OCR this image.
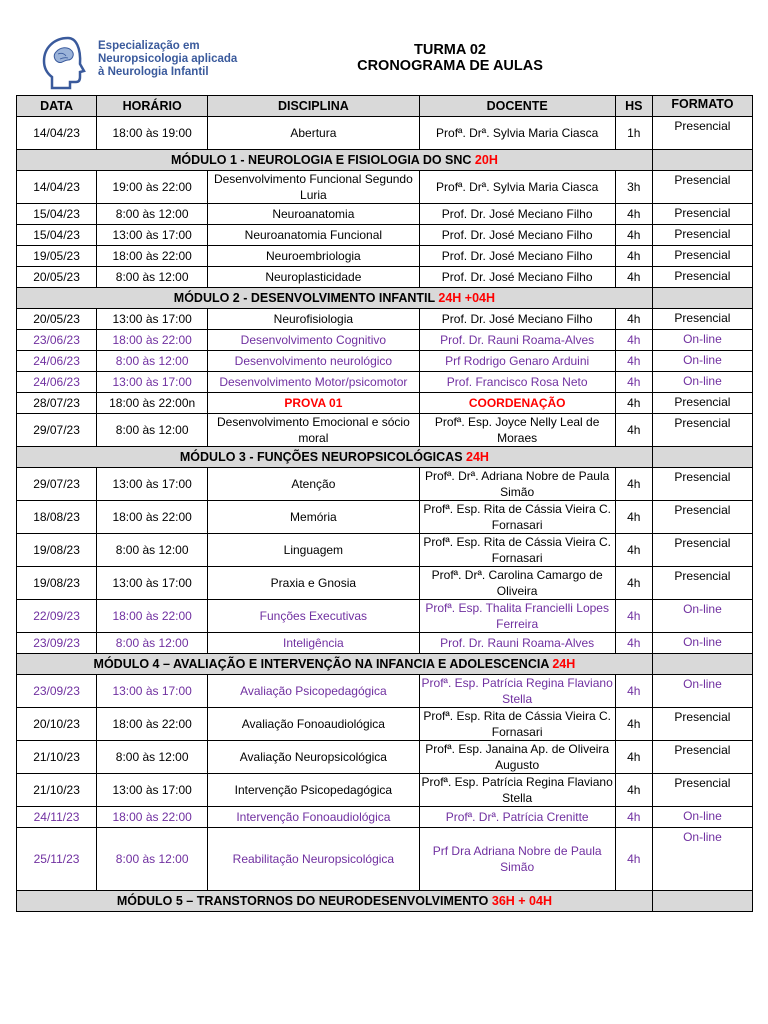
Especialização em
Neuropsicologia aplicada
à Neurologia Infantil
TURMA 02
CRONOGRAMA DE AULAS
DATA	HORÁRIO	DISCIPLINA	DOCENTE	HS	FORMATO
14/04/23	18:00 às 19:00	Abertura	Profª. Drª. Sylvia Maria Ciasca	1h	Presencial
MÓDULO 1 - NEUROLOGIA E FISIOLOGIA DO SNC 20H					
14/04/23	19:00 às 22:00	Desenvolvimento Funcional Segundo Luria	Profª. Drª. Sylvia Maria Ciasca	3h	Presencial
15/04/23	8:00 às 12:00	Neuroanatomia	Prof. Dr. José Meciano Filho	4h	Presencial
15/04/23	13:00 às 17:00	Neuroanatomia Funcional	Prof. Dr. José Meciano Filho	4h	Presencial
19/05/23	18:00 às 22:00	Neuroembriologia	Prof. Dr. José Meciano Filho	4h	Presencial
20/05/23	8:00 às 12:00	Neuroplasticidade	Prof. Dr. José Meciano Filho	4h	Presencial
MÓDULO 2 - DESENVOLVIMENTO INFANTIL 24H +04H					
20/05/23	13:00 às 17:00	Neurofisiologia	Prof. Dr. José Meciano Filho	4h	Presencial
23/06/23	18:00 às 22:00	Desenvolvimento Cognitivo	Prof. Dr. Rauni Roama-Alves	4h	On-line
24/06/23	8:00 às 12:00	Desenvolvimento neurológico	Prf Rodrigo Genaro Arduini	4h	On-line
24/06/23	13:00 às 17:00	Desenvolvimento Motor/psicomotor	Prof. Francisco Rosa Neto	4h	On-line
28/07/23	18:00 às 22:00n	PROVA 01	COORDENAÇÃO	4h	Presencial
29/07/23	8:00 às 12:00	Desenvolvimento Emocional e sócio moral	Profª. Esp. Joyce Nelly Leal de Moraes	4h	Presencial
MÓDULO 3 - FUNÇÕES NEUROPSICOLÓGICAS 24H					
29/07/23	13:00 às 17:00	Atenção	Profª. Drª. Adriana Nobre de Paula Simão	4h	Presencial
18/08/23	18:00 às 22:00	Memória	Profª. Esp. Rita de Cássia Vieira C. Fornasari	4h	Presencial
19/08/23	8:00 às 12:00	Linguagem	Profª. Esp. Rita de Cássia Vieira C. Fornasari	4h	Presencial
19/08/23	13:00 às 17:00	Praxia e Gnosia	Profª. Drª. Carolina Camargo de Oliveira	4h	Presencial
22/09/23	18:00 às 22:00	Funções Executivas	Profª. Esp. Thalita Francielli Lopes Ferreira	4h	On-line
23/09/23	8:00 às 12:00	Inteligência	Prof. Dr. Rauni Roama-Alves	4h	On-line
MÓDULO 4 – AVALIAÇÃO E INTERVENÇÃO NA INFANCIA E ADOLESCENCIA 24H					
23/09/23	13:00 às 17:00	Avaliação Psicopedagógica	Profª. Esp. Patrícia Regina Flaviano Stella	4h	On-line
20/10/23	18:00 às 22:00	Avaliação Fonoaudiológica	Profª. Esp. Rita de Cássia Vieira C. Fornasari	4h	Presencial
21/10/23	8:00 às 12:00	Avaliação Neuropsicológica	Profª. Esp. Janaina Ap. de Oliveira Augusto	4h	Presencial
21/10/23	13:00 às 17:00	Intervenção Psicopedagógica	Profª. Esp. Patrícia Regina Flaviano Stella	4h	Presencial
24/11/23	18:00 às 22:00	Intervenção Fonoaudiológica	Profª. Drª. Patrícia Crenitte	4h	On-line
25/11/23	8:00 às 12:00	Reabilitação Neuropsicológica	Prf Dra Adriana Nobre de Paula Simão	4h	On-line
MÓDULO 5 – TRANSTORNOS DO NEURODESENVOLVIMENTO 36H + 04H					
